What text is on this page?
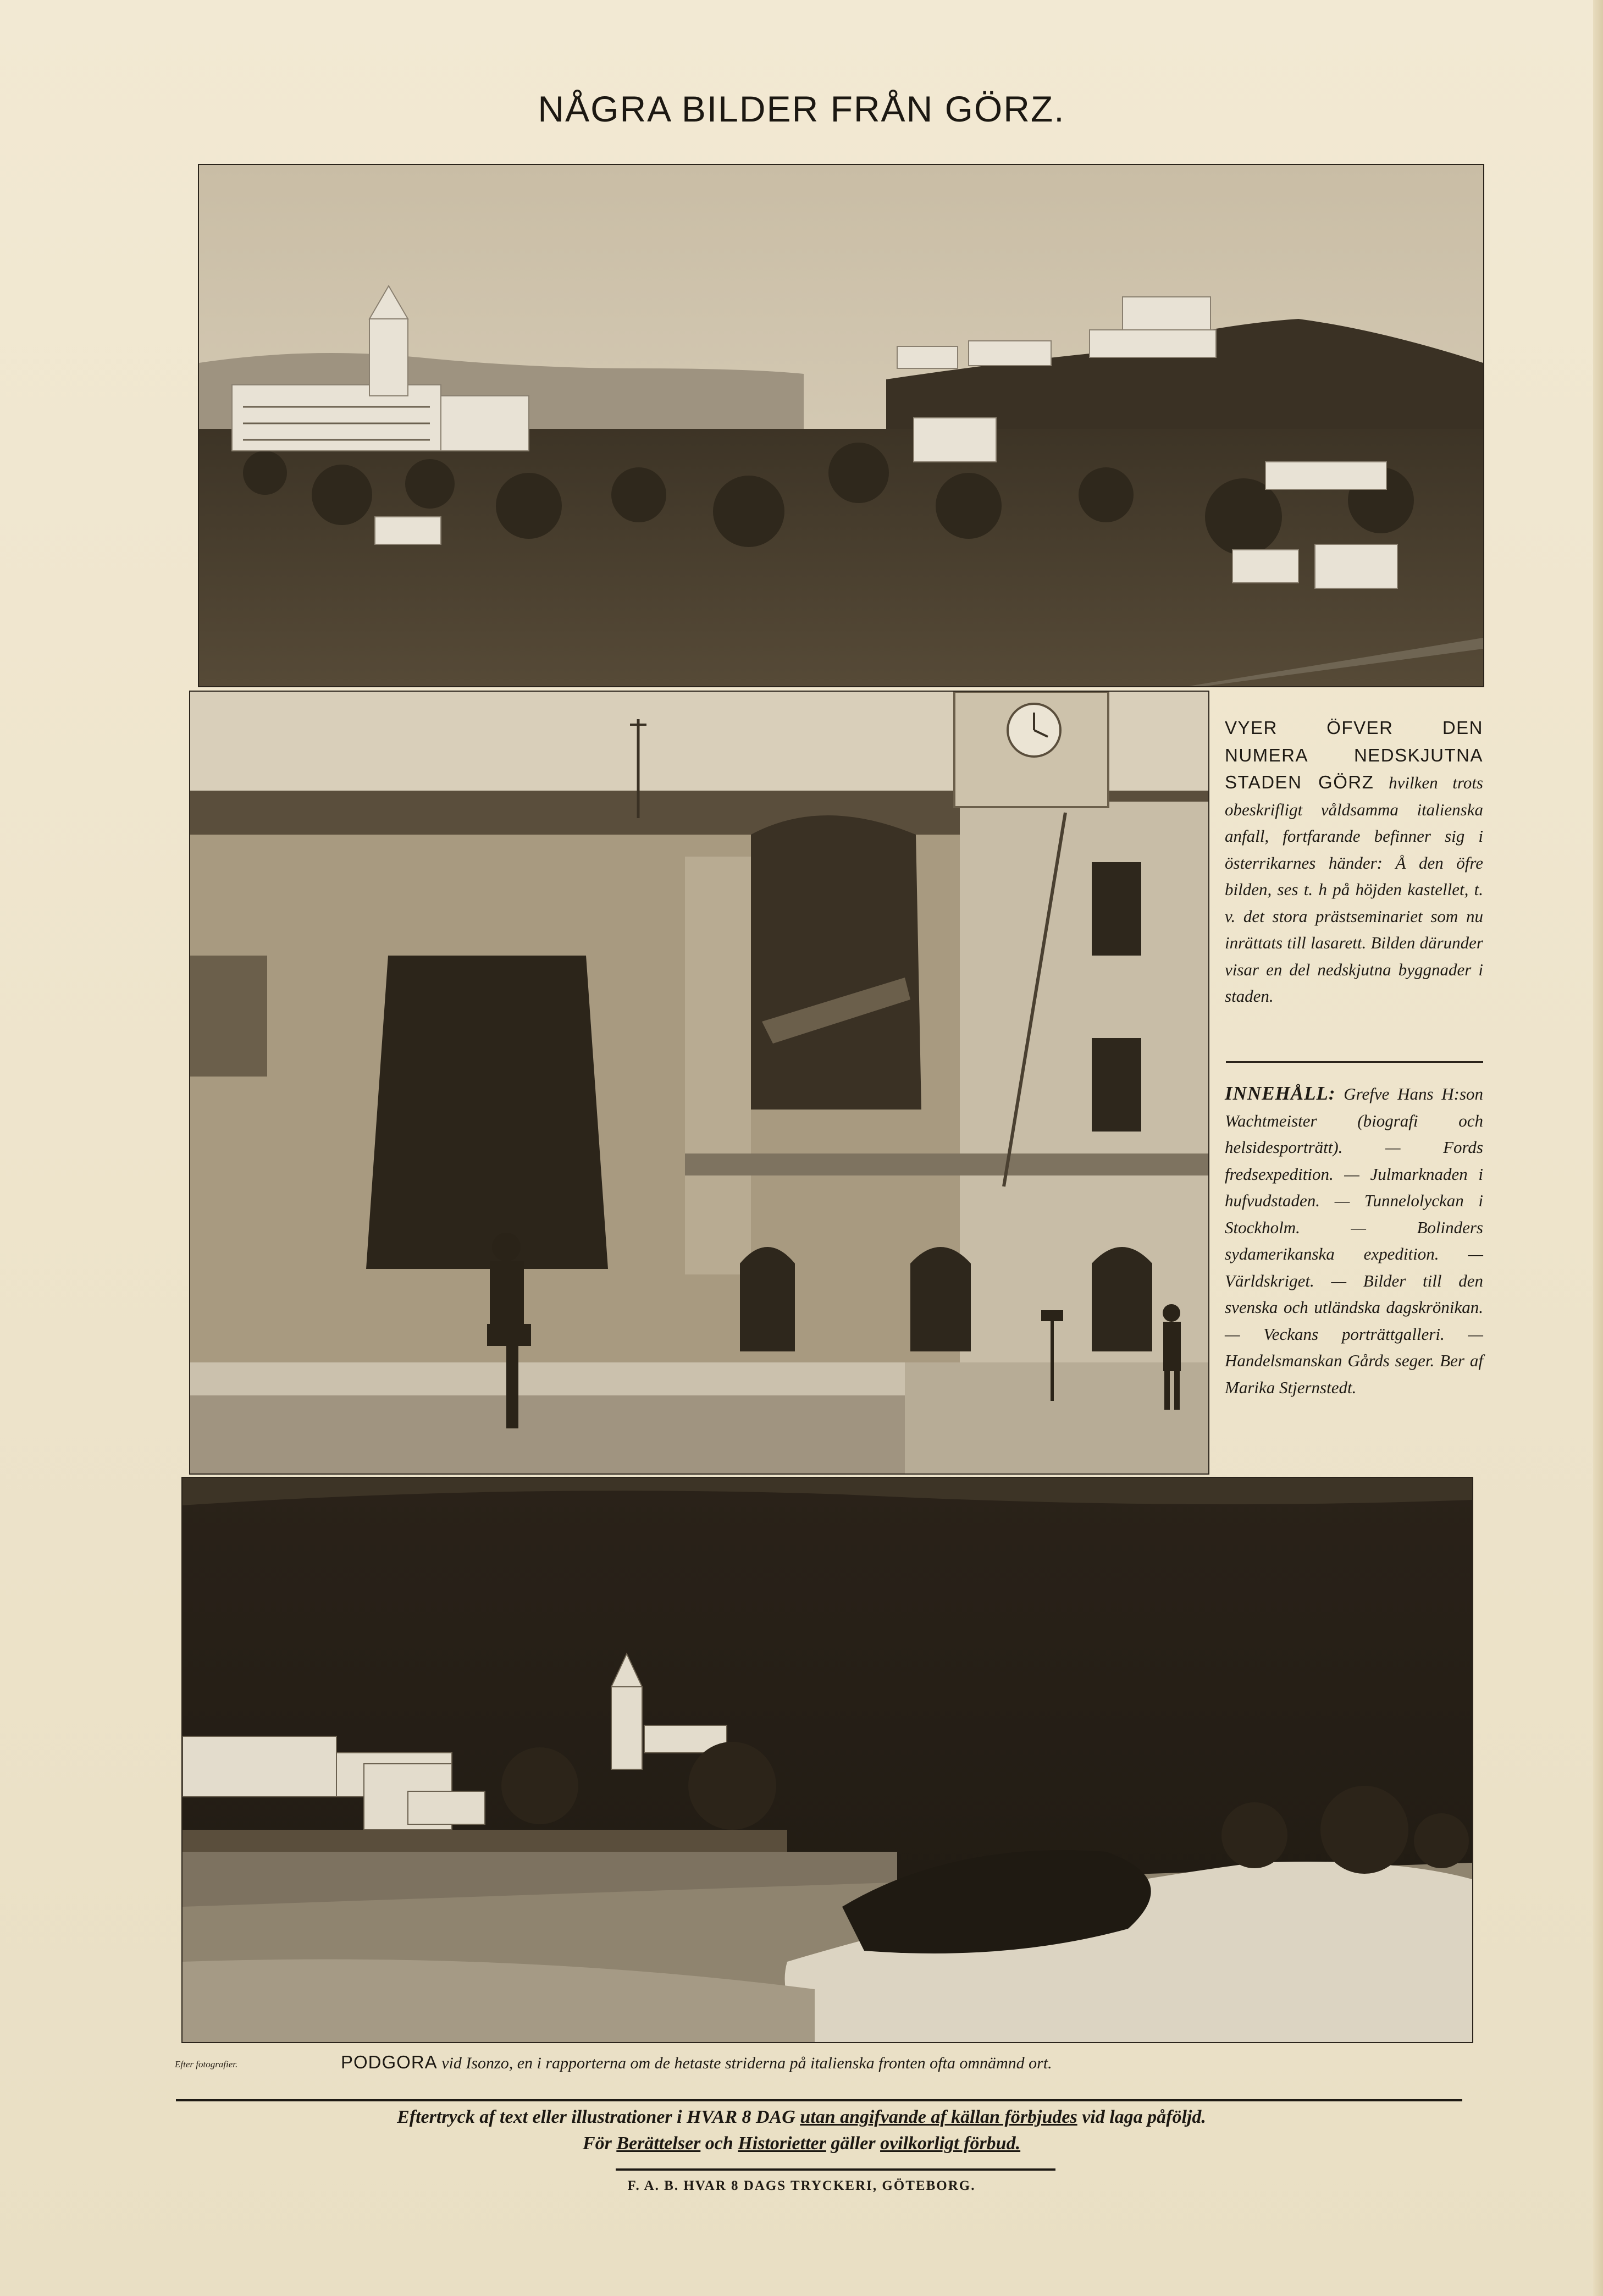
NÅGRA BILDER FRÅN GÖRZ.
VYER ÖFVER DEN NUMERA NEDSKJUTNA STADEN GÖRZ hvilken trots obeskrifligt våldsamma italienska anfall, fortfarande befinner sig i österrikarnes händer: Å den öfre bilden, ses t. h på höjden kastellet, t. v. det stora prästseminariet som nu inrättats till lasarett. Bilden därunder visar en del nedskjutna byggnader i staden.
INNEHÅLL: Grefve Hans H:son Wachtmeister (biografi och helsidesporträtt). — Fords fredsexpedition. — Julmarknaden i hufvudstaden. — Tunnelolyckan i Stockholm. — Bolinders sydamerikanska expedition. — Världskriget. — Bilder till den svenska och utländska dagskrönikan. — Veckans porträttgalleri. — Handelsmanskan Gårds seger. Ber af Marika Stjernstedt.
Efter fotografier.	PODGORA vid Isonzo, en i rapporterna om de hetaste striderna på italienska fronten ofta omnämnd ort.
Eftertryck af text eller illustrationer i HVAR 8 DAG utan angifvande af källan förbjudes vid laga påföljd.
För Berättelser och Historietter gäller ovilkorligt förbud.
F. A. B. HVAR 8 DAGS TRYCKERI, GÖTEBORG.
